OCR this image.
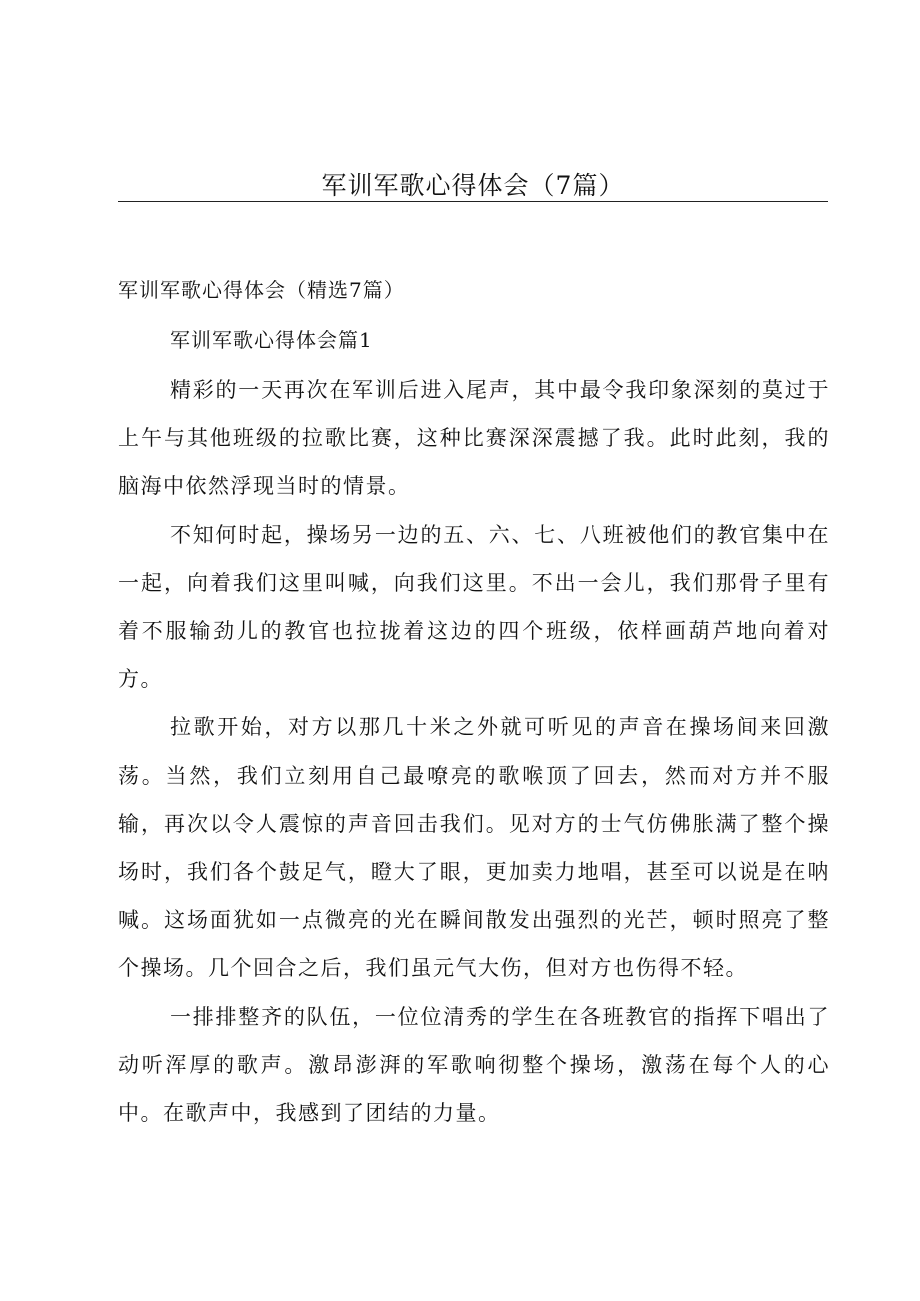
军训军歌心得体会（7篇）
军训军歌心得体会（精选7篇）
军训军歌心得体会篇1

精彩的一天再次在军训后进入尾声，其中最令我印象深刻的莫过于上午与其他班级的拉歌比赛，这种比赛深深震撼了我。此时此刻，我的脑海中依然浮现当时的情景。

不知何时起，操场另一边的五、六、七、八班被他们的教官集中在一起，向着我们这里叫喊，向我们这里。不出一会儿，我们那骨子里有着不服输劲儿的教官也拉拢着这边的四个班级，依样画葫芦地向着对方。

拉歌开始，对方以那几十米之外就可听见的声音在操场间来回激荡。当然，我们立刻用自己最嘹亮的歌喉顶了回去，然而对方并不服输，再次以令人震惊的声音回击我们。见对方的士气仿佛胀满了整个操场时，我们各个鼓足气，瞪大了眼，更加卖力地唱，甚至可以说是在呐喊。这场面犹如一点微亮的光在瞬间散发出强烈的光芒，顿时照亮了整个操场。几个回合之后，我们虽元气大伤，但对方也伤得不轻。

一排排整齐的队伍，一位位清秀的学生在各班教官的指挥下唱出了动听浑厚的歌声。激昂澎湃的军歌响彻整个操场，激荡在每个人的心中。在歌声中，我感到了团结的力量。
